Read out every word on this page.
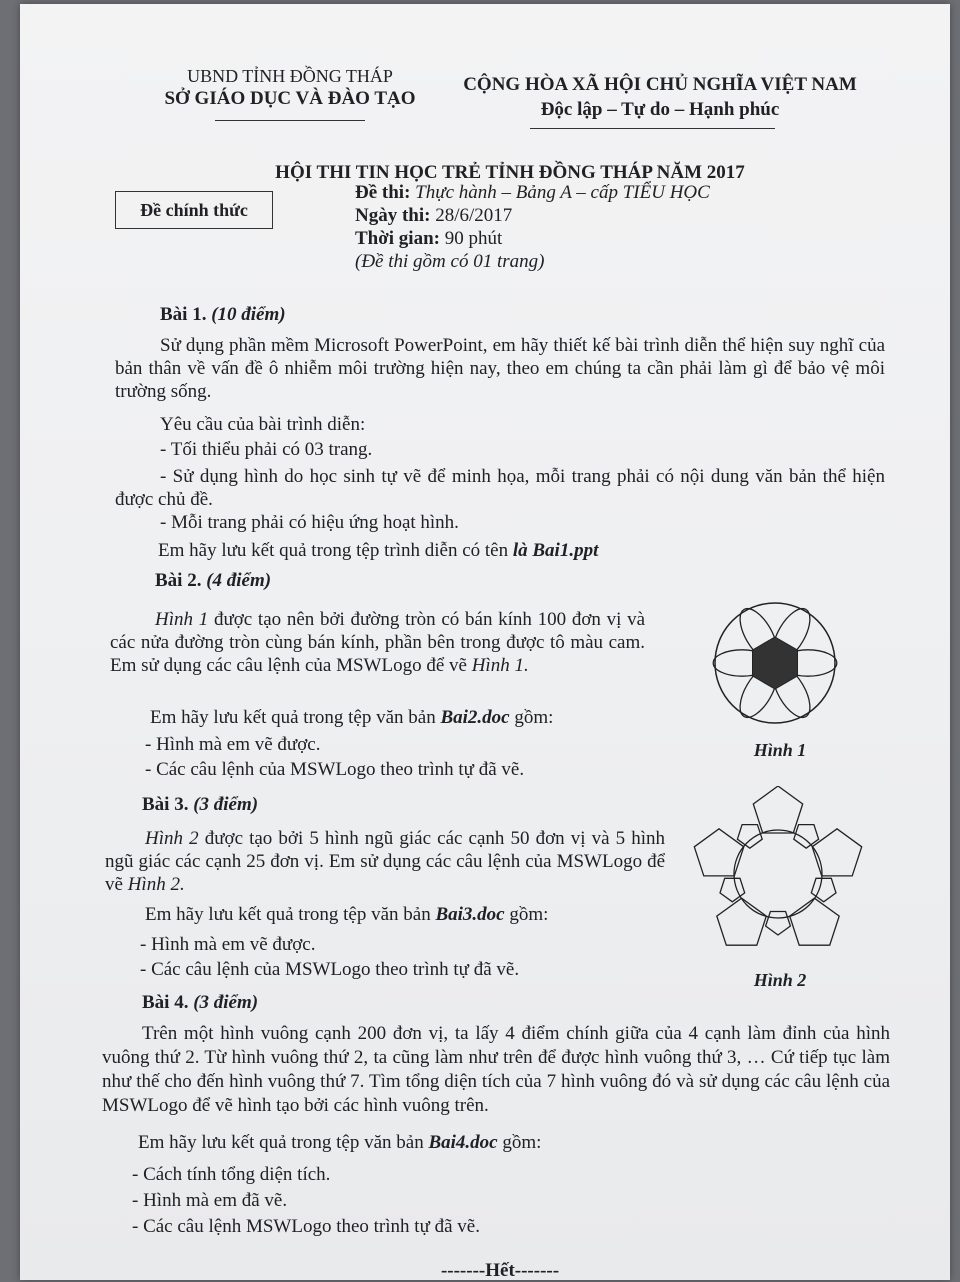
UBND TỈNH ĐỒNG THÁP
SỞ GIÁO DỤC VÀ ĐÀO TẠO
CỘNG HÒA XÃ HỘI CHỦ NGHĨA VIỆT NAM
Độc lập – Tự do – Hạnh phúc
HỘI THI TIN HỌC TRẺ TỈNH ĐỒNG THÁP NĂM 2017
Đề chính thức
Đề thi: Thực hành – Bảng A – cấp TIỂU HỌC
Ngày thi: 28/6/2017
Thời gian: 90 phút
(Đề thi gồm có 01 trang)
Bài 1. (10 điểm)
Sử dụng phần mềm Microsoft PowerPoint, em hãy thiết kế bài trình diễn thể hiện suy nghĩ của bản thân về vấn đề ô nhiễm môi trường hiện nay, theo em chúng ta cần phải làm gì để bảo vệ môi trường sống.
Yêu cầu của bài trình diễn:
- Tối thiểu phải có 03 trang.
- Sử dụng hình do học sinh tự vẽ để minh họa, mỗi trang phải có nội dung văn bản thể hiện được chủ đề.
- Mỗi trang phải có hiệu ứng hoạt hình.
Em hãy lưu kết quả trong tệp trình diễn có tên là Bai1.ppt
Bài 2. (4 điểm)
Hình 1 được tạo nên bởi đường tròn có bán kính 100 đơn vị và các nửa đường tròn cùng bán kính, phần bên trong được tô màu cam. Em sử dụng các câu lệnh của MSWLogo để vẽ Hình 1.
Em hãy lưu kết quả trong tệp văn bản Bai2.doc gồm:
- Hình mà em vẽ được.
- Các câu lệnh của MSWLogo theo trình tự đã vẽ.
Hình 1
Bài 3. (3 điểm)
Hình 2 được tạo bởi 5 hình ngũ giác các cạnh 50 đơn vị và 5 hình ngũ giác các cạnh 25 đơn vị. Em sử dụng các câu lệnh của MSWLogo để vẽ Hình 2.
Em hãy lưu kết quả trong tệp văn bản Bai3.doc gồm:
- Hình mà em vẽ được.
- Các câu lệnh của MSWLogo theo trình tự đã vẽ.	Hình 2
Bài 4. (3 điểm)
Trên một hình vuông cạnh 200 đơn vị, ta lấy 4 điểm chính giữa của 4 cạnh làm đỉnh của hình vuông thứ 2. Từ hình vuông thứ 2, ta cũng làm như trên để được hình vuông thứ 3, … Cứ tiếp tục làm như thế cho đến hình vuông thứ 7. Tìm tổng diện tích của 7 hình vuông đó và sử dụng các câu lệnh của MSWLogo để vẽ hình tạo bởi các hình vuông trên.
Em hãy lưu kết quả trong tệp văn bản Bai4.doc gồm:
- Cách tính tổng diện tích.
- Hình mà em đã vẽ.
- Các câu lệnh MSWLogo theo trình tự đã vẽ.
-------Hết-------
